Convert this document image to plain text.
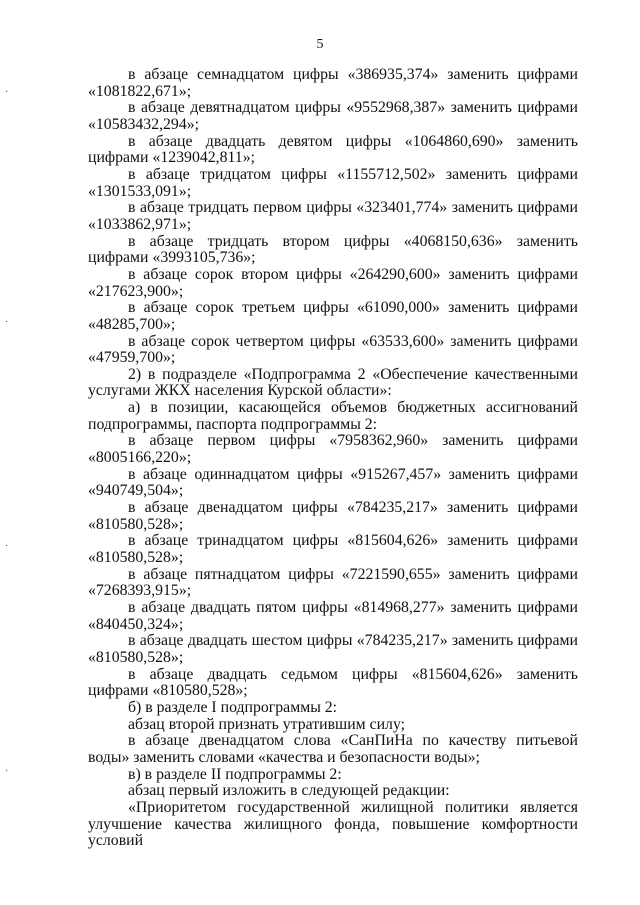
5
·
·
·
·

в абзаце семнадцатом цифры «386935,374» заменить цифрами «1081822,671»;

в абзаце девятнадцатом цифры «9552968,387» заменить цифрами «10583432,294»;

в абзаце двадцать девятом цифры «1064860,690» заменить цифрами «1239042,811»;

в абзаце тридцатом цифры «1155712,502» заменить цифрами «1301533,091»;

в абзаце тридцать первом цифры «323401,774» заменить цифрами «1033862,971»;

в абзаце тридцать втором цифры «4068150,636» заменить цифрами «3993105,736»;

в абзаце сорок втором цифры «264290,600» заменить цифрами «217623,900»;

в абзаце сорок третьем цифры «61090,000» заменить цифрами «48285,700»;

в абзаце сорок четвертом цифры «63533,600» заменить цифрами «47959,700»;

2) в подразделе «Подпрограмма 2 «Обеспечение качественными услугами ЖКХ населения Курской области»:

а) в позиции, касающейся объемов бюджетных ассигнований подпрограммы, паспорта подпрограммы 2:

в абзаце первом цифры «7958362,960» заменить цифрами «8005166,220»;

в абзаце одиннадцатом цифры «915267,457» заменить цифрами «940749,504»;

в абзаце двенадцатом цифры «784235,217» заменить цифрами «810580,528»;

в абзаце тринадцатом цифры «815604,626» заменить цифрами «810580,528»;

в абзаце пятнадцатом цифры «7221590,655» заменить цифрами «7268393,915»;

в абзаце двадцать пятом цифры «814968,277» заменить цифрами «840450,324»;

в абзаце двадцать шестом цифры «784235,217» заменить цифрами «810580,528»;

в абзаце двадцать седьмом цифры «815604,626» заменить цифрами «810580,528»;

б) в разделе I подпрограммы 2:

абзац второй признать утратившим силу;

в абзаце двенадцатом слова «СанПиНа по качеству питьевой воды» заменить словами «качества и безопасности воды»;

в) в разделе II подпрограммы 2:

абзац первый изложить в следующей редакции:

«Приоритетом государственной жилищной политики является улучшение качества жилищного фонда, повышение комфортности условий
